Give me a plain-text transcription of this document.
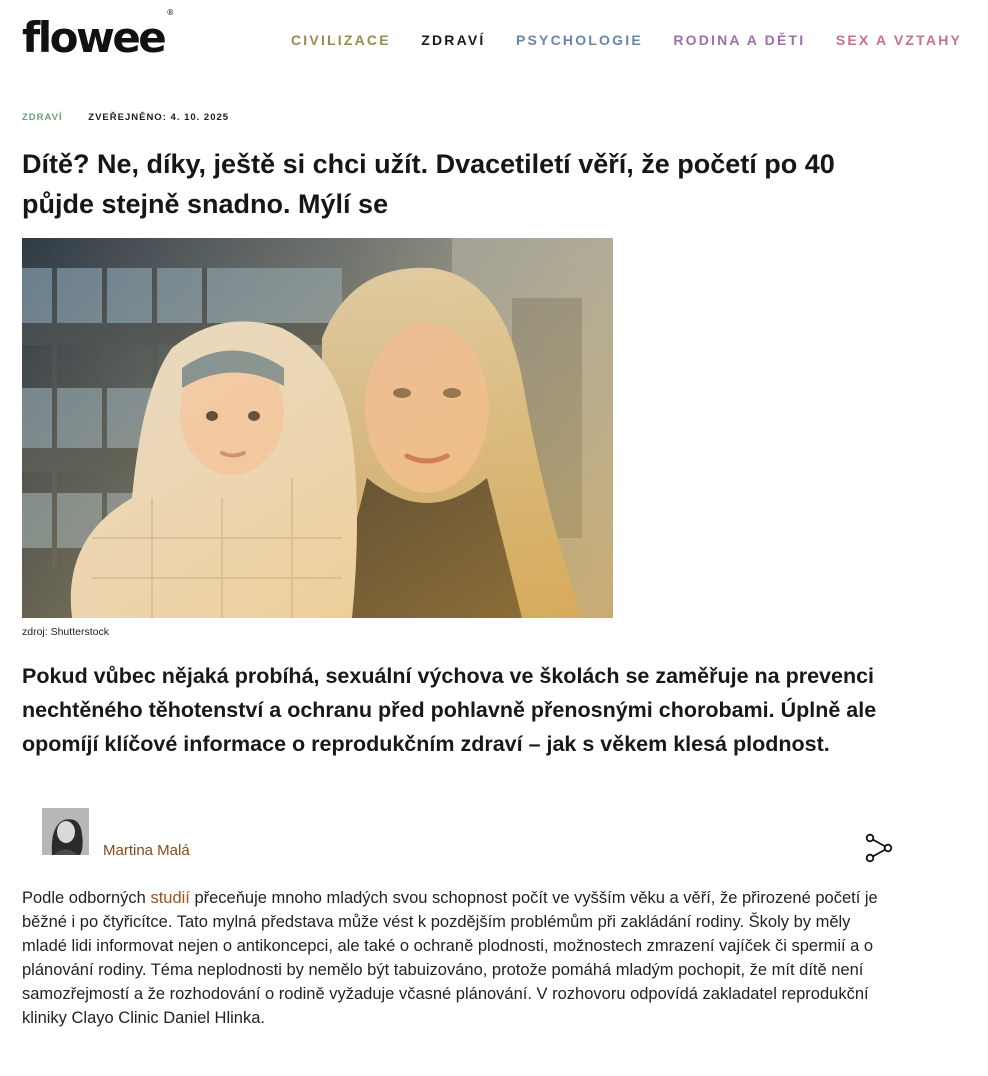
flowee®
CIVILIZACE ZDRAVÍ PSYCHOLOGIE RODINA A DĚTI SEX A VZTAHY
ZDRAVÍ	ZVEŘEJNĚNO: 4. 10. 2025
Dítě? Ne, díky, ještě si chci užít. Dvacetiletí věří, že početí po 40 půjde stejně snadno. Mýlí se
zdroj: Shutterstock

Pokud vůbec nějaká probíhá, sexuální výchova ve školách se zaměřuje na prevenci nechtěného těhotenství a ochranu před pohlavně přenosnými chorobami. Úplně ale opomíjí klíčové informace o reprodukčním zdraví – jak s věkem klesá plodnost.

Martina Malá

Podle odborných studií přeceňuje mnoho mladých svou schopnost počít ve vyšším věku a věří, že přirozené početí je běžné i po čtyřicítce. Tato mylná představa může vést k pozdějším problémům při zakládání rodiny. Školy by měly mladé lidi informovat nejen o antikoncepci, ale také o ochraně plodnosti, možnostech zmrazení vajíček či spermií a o plánování rodiny. Téma neplodnosti by nemělo být tabuizováno, protože pomáhá mladým pochopit, že mít dítě není samozřejmostí a že rozhodování o rodině vyžaduje včasné plánování. V rozhovoru odpovídá zakladatel reprodukční kliniky Clayo Clinic Daniel Hlinka.
